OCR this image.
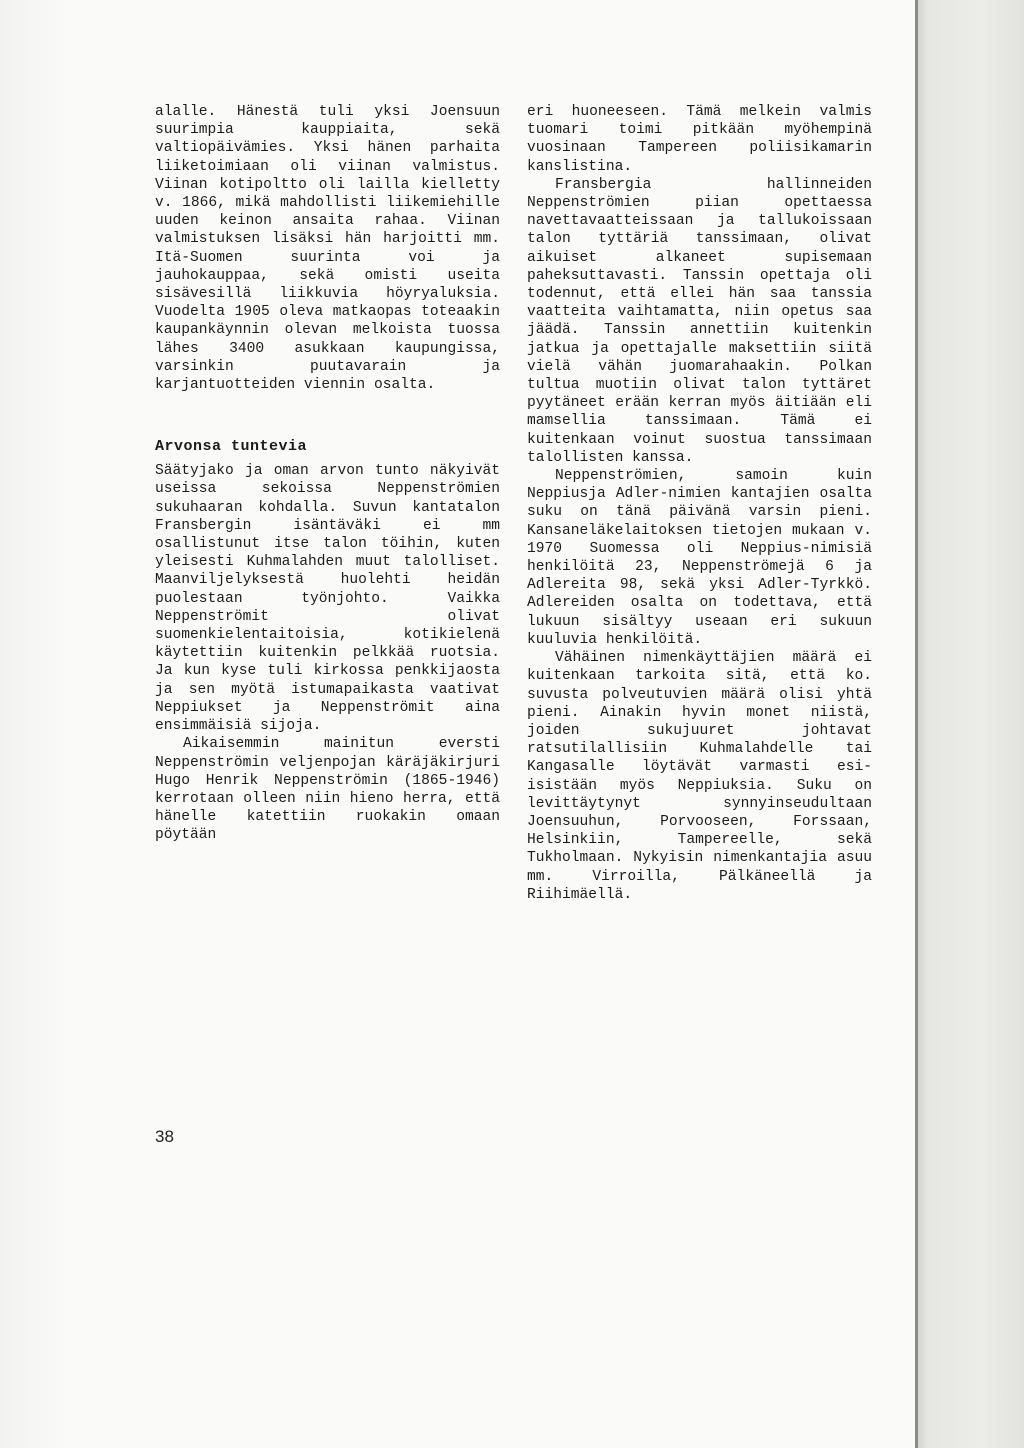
alalle. Hänestä tuli yksi Joensuun suurimpia kauppiaita, sekä valtiopäivämies. Yksi hänen parhaita liiketoimiaan oli viinan valmistus. Viinan kotipoltto oli lailla kielletty v. 1866, mikä mahdollisti liikemiehille uuden keinon ansaita rahaa. Viinan valmistuksen lisäksi hän harjoitti mm. Itä-Suomen suurinta voi ja jauhokauppaa, sekä omisti useita sisävesillä liikkuvia höyryaluksia. Vuodelta 1905 oleva matkaopas toteaakin kaupankäynnin olevan melkoista tuossa lähes 3400 asukkaan kaupungissa, varsinkin puutavarain ja karjantuotteiden viennin osalta.

Arvonsa tuntevia

Säätyjako ja oman arvon tunto näkyivät useissa sekoissa Neppenströmien sukuhaaran kohdalla. Suvun kantatalon Fransbergin isäntäväki ei mm osallistunut itse talon töihin, kuten yleisesti Kuhmalahden muut talolliset. Maanviljelyksestä huolehti heidän puolestaan työnjohto. Vaikka Neppenströmit olivat suomenkielentaitoisia, kotikielenä käytettiin kuitenkin pelkkää ruotsia. Ja kun kyse tuli kirkossa penkkijaosta ja sen myötä istumapaikasta vaativat Neppiukset ja Neppenströmit aina ensimmäisiä sijoja.

Aikaisemmin mainitun eversti Neppenströmin veljenpojan käräjäkirjuri Hugo Henrik Neppenströmin (1865-1946) kerrotaan olleen niin hieno herra, että hänelle katettiin ruokakin omaan pöytään

eri huoneeseen. Tämä melkein valmis tuomari toimi pitkään myöhempinä vuosinaan Tampereen poliisikamarin kanslistina.

Fransbergia hallinneiden Neppenströmien piian opettaessa navettavaatteissaan ja tallukoissaan talon tyttäriä tanssimaan, olivat aikuiset alkaneet supisemaan paheksuttavasti. Tanssin opettaja oli todennut, että ellei hän saa tanssia vaatteita vaihtamatta, niin opetus saa jäädä. Tanssin annettiin kuitenkin jatkua ja opettajalle maksettiin siitä vielä vähän juomarahaakin. Polkan tultua muotiin olivat talon tyttäret pyytäneet erään kerran myös äitiään eli mamsellia tanssimaan. Tämä ei kuitenkaan voinut suostua tanssimaan talollisten kanssa.

Neppenströmien, samoin kuin Neppiusja Adler-nimien kantajien osalta suku on tänä päivänä varsin pieni. Kansaneläkelaitoksen tietojen mukaan v. 1970 Suomessa oli Neppius-nimisiä henkilöitä 23, Neppenströmejä 6 ja Adlereita 98, sekä yksi Adler-Tyrkkö. Adlereiden osalta on todettava, että lukuun sisältyy useaan eri sukuun kuuluvia henkilöitä.

Vähäinen nimenkäyttäjien määrä ei kuitenkaan tarkoita sitä, että ko. suvusta polveutuvien määrä olisi yhtä pieni. Ainakin hyvin monet niistä, joiden sukujuuret johtavat ratsutilallisiin Kuhmalahdelle tai Kangasalle löytävät varmasti esi-isistään myös Neppiuksia. Suku on levittäytynyt synnyinseudultaan Joensuuhun, Porvooseen, Forssaan, Helsinkiin, Tampereelle, sekä Tukholmaan. Nykyisin nimenkantajia asuu mm. Virroilla, Pälkäneellä ja Riihimäellä.

38
